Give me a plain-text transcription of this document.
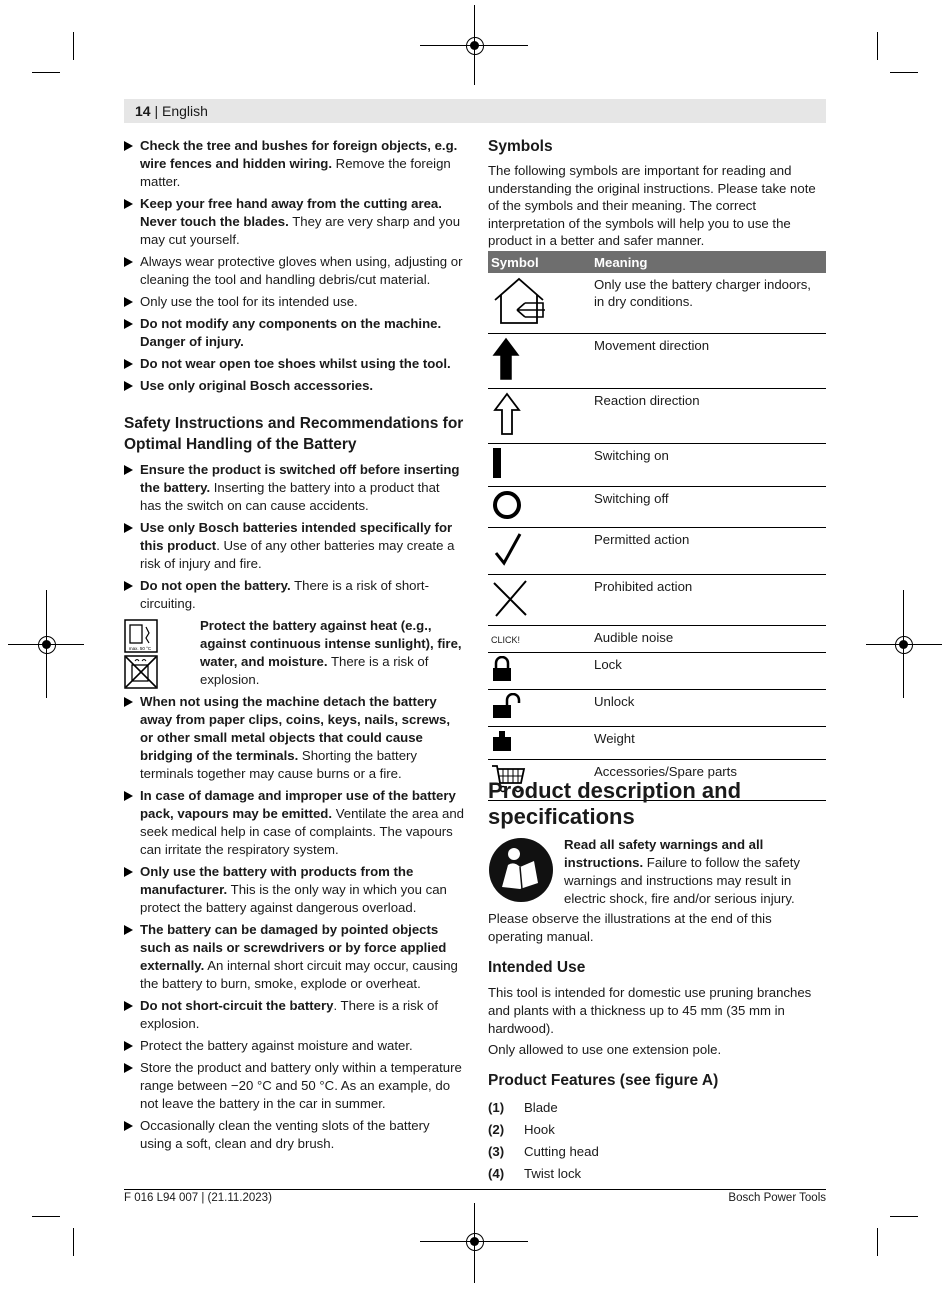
14 | English
Check the tree and bushes for foreign objects, e.g. wire fences and hidden wiring. Remove the foreign matter.
Keep your free hand away from the cutting area. Never touch the blades. They are very sharp and you may cut yourself.
Always wear protective gloves when using, adjusting or cleaning the tool and handling debris/cut material.
Only use the tool for its intended use.
Do not modify any components on the machine. Danger of injury.
Do not wear open toe shoes whilst using the tool.
Use only original Bosch accessories.
Safety Instructions and Recommendations for Optimal Handling of the Battery
Ensure the product is switched off before inserting the battery. Inserting the battery into a product that has the switch on can cause accidents.
Use only Bosch batteries intended specifically for this product. Use of any other batteries may create a risk of injury and fire.
Do not open the battery. There is a risk of short-circuiting.
max. 50 °C
Protect the battery against heat (e.g., against continuous intense sunlight), fire, water, and moisture. There is a risk of explosion.
When not using the machine detach the battery away from paper clips, coins, keys, nails, screws, or other small metal objects that could cause bridging of the terminals. Shorting the battery terminals together may cause burns or a fire.
In case of damage and improper use of the battery pack, vapours may be emitted. Ventilate the area and seek medical help in case of complaints. The vapours can irritate the respiratory system.
Only use the battery with products from the manufacturer. This is the only way in which you can protect the battery against dangerous overload.
The battery can be damaged by pointed objects such as nails or screwdrivers or by force applied externally. An internal short circuit may occur, causing the battery to burn, smoke, explode or overheat.
Do not short-circuit the battery. There is a risk of explosion.
Protect the battery against moisture and water.
Store the product and battery only within a temperature range between −20 °C and 50 °C. As an example, do not leave the battery in the car in summer.
Occasionally clean the venting slots of the battery using a soft, clean and dry brush.
Symbols
The following symbols are important for reading and understanding the original instructions. Please take note of the symbols and their meaning. The correct interpretation of the symbols will help you to use the product in a better and safer manner.
Symbol	Meaning
	Only use the battery charger indoors, in dry conditions.
	Movement direction
	Reaction direction
	Switching on
	Switching off
	Permitted action
	Prohibited action
CLICK!	Audible noise
	Lock
	Unlock
	Weight
	Accessories/Spare parts
Product description and specifications
Read all safety warnings and all instructions. Failure to follow the safety warnings and instructions may result in electric shock, fire and/or serious injury.
Please observe the illustrations at the end of this operating manual.
Intended Use
This tool is intended for domestic use pruning branches and plants with a thickness up to 45 mm (35 mm in hardwood).
Only allowed to use one extension pole.
Product Features (see figure A)
(1)	Blade
(2)	Hook
(3)	Cutting head
(4)	Twist lock
F 016 L94 007 | (21.11.2023)	Bosch Power Tools
